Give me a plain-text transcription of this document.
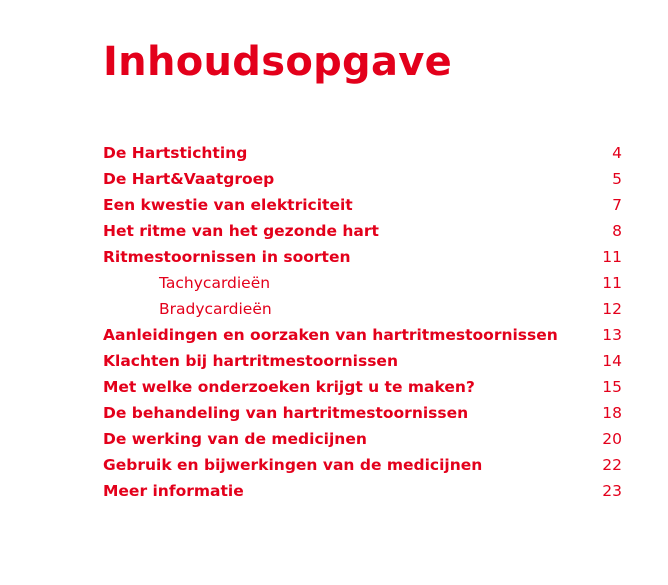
Inhoudsopgave
De Hartstichting	4
De Hart&Vaatgroep	5
Een kwestie van elektriciteit	7
Het ritme van het gezonde hart	8
Ritmestoornissen in soorten	11
Tachycardieën	11
Bradycardieën	12
Aanleidingen en oorzaken van hartritmestoornissen	13
Klachten bij hartritmestoornissen	14
Met welke onderzoeken krijgt u te maken?	15
De behandeling van hartritmestoornissen	18
De werking van de medicijnen	20
Gebruik en bijwerkingen van de medicijnen	22
Meer informatie	23
